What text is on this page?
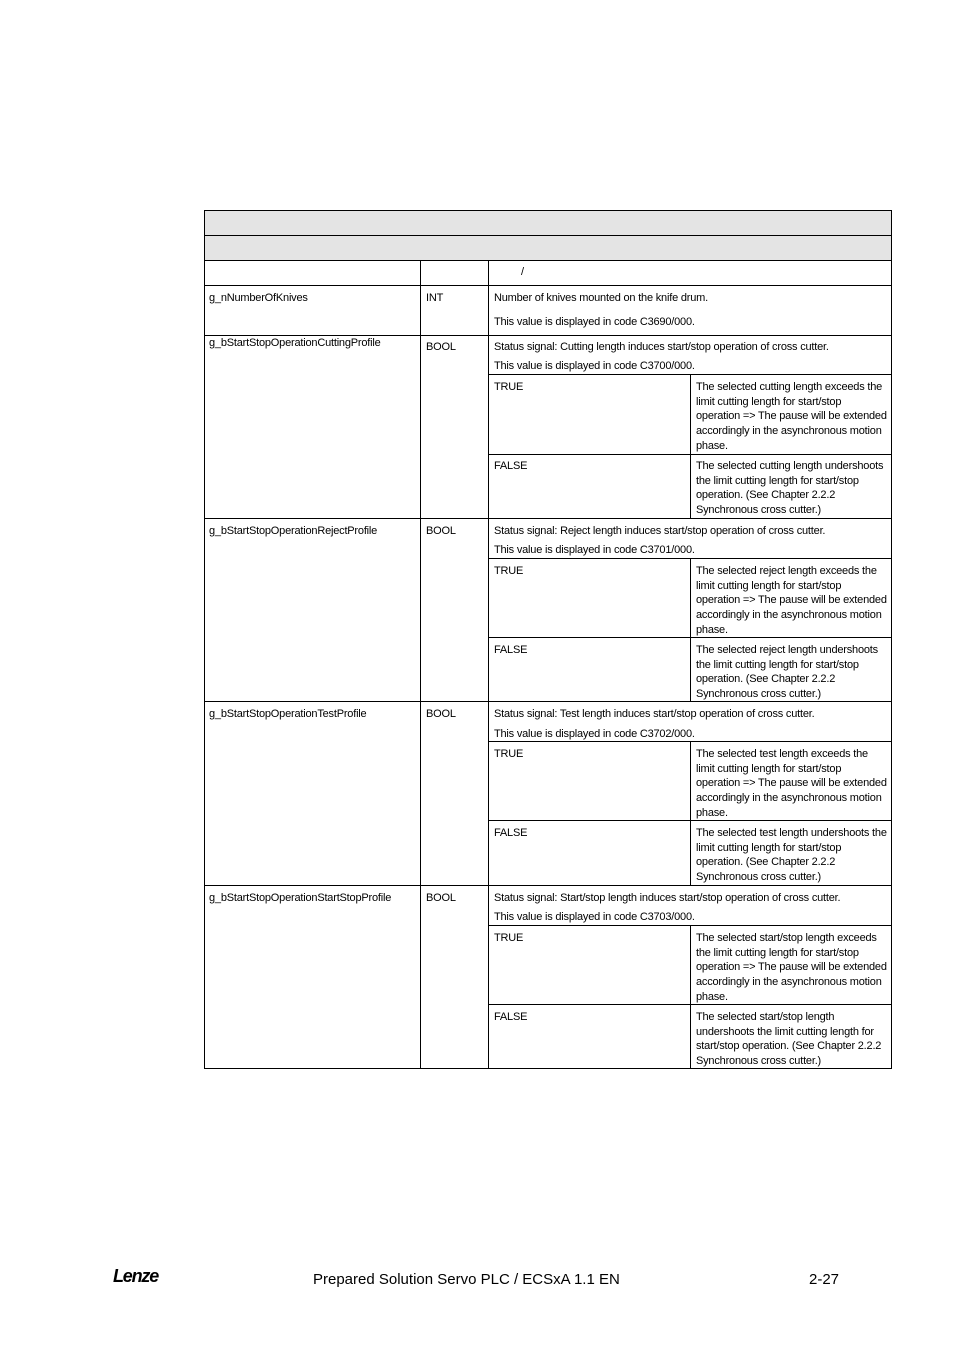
/
g_nNumberOfKnives	INT	Number of knives mounted on the knife drum.
This value is displayed in code C3690/000.
g_bStartStopOperationCuttingProfile	BOOL	Status signal: Cutting length induces start/stop operation of cross cutter.
This value is displayed in code C3700/000.
TRUE	The selected cutting length exceeds the limit cutting length for start/stop operation => The pause will be extended accordingly in the asynchronous motion phase.
FALSE	The selected cutting length undershoots the limit cutting length for start/stop operation. (See Chapter 2.2.2 Synchronous cross cutter.)
g_bStartStopOperationRejectProfile	BOOL	Status signal: Reject length induces start/stop operation of cross cutter.
This value is displayed in code C3701/000.
TRUE	The selected reject length exceeds the limit cutting length for start/stop operation => The pause will be extended accordingly in the asynchronous motion phase.
FALSE	The selected reject length undershoots the limit cutting length for start/stop operation. (See Chapter 2.2.2 Synchronous cross cutter.)
g_bStartStopOperationTestProfile	BOOL	Status signal: Test length induces start/stop operation of cross cutter.
This value is displayed in code C3702/000.
TRUE	The selected test length exceeds the limit cutting length for start/stop operation => The pause will be extended accordingly in the asynchronous motion phase.
FALSE	The selected test length undershoots the limit cutting length for start/stop operation. (See Chapter 2.2.2 Synchronous cross cutter.)
g_bStartStopOperationStartStopProfile	BOOL	Status signal: Start/stop length induces start/stop operation of cross cutter.
This value is displayed in code C3703/000.
TRUE	The selected start/stop length exceeds the limit cutting length for start/stop operation => The pause will be extended accordingly in the asynchronous motion phase.
FALSE	The selected start/stop length undershoots the limit cutting length for start/stop operation. (See Chapter 2.2.2 Synchronous cross cutter.)
Lenze	Prepared Solution Servo PLC / ECSxA 1.1 EN	2-27
